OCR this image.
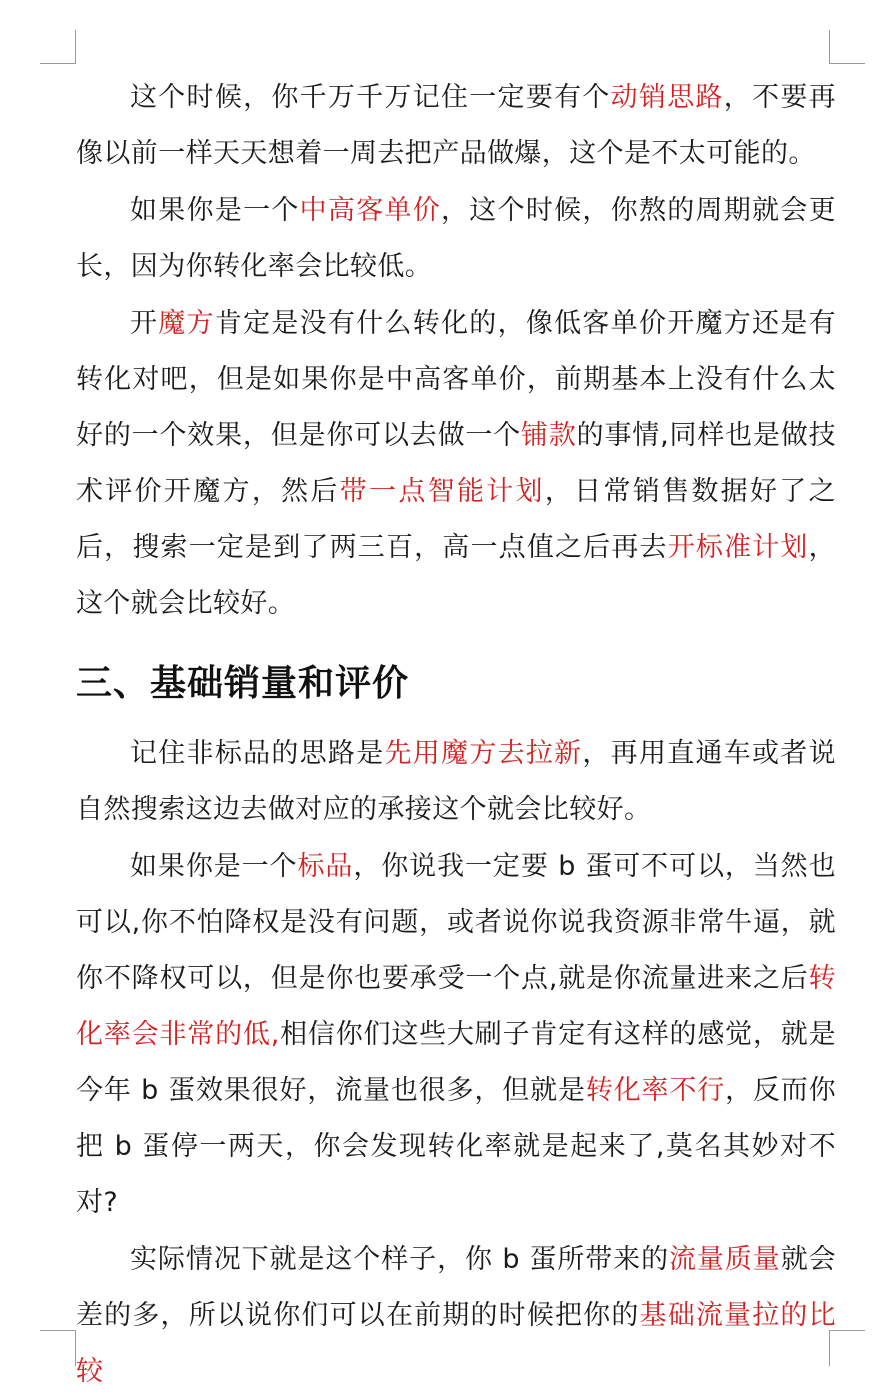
这个时候，你千万千万记住一定要有个动销思路，不要再像以前一样天天想着一周去把产品做爆，这个是不太可能的。

如果你是一个中高客单价，这个时候，你熬的周期就会更长，因为你转化率会比较低。

开魔方肯定是没有什么转化的，像低客单价开魔方还是有转化对吧，但是如果你是中高客单价，前期基本上没有什么太好的一个效果，但是你可以去做一个铺款的事情,同样也是做技术评价开魔方，然后带一点智能计划，日常销售数据好了之后，搜索一定是到了两三百，高一点值之后再去开标准计划，这个就会比较好。

三、基础销量和评价

记住非标品的思路是先用魔方去拉新，再用直通车或者说自然搜索这边去做对应的承接这个就会比较好。

如果你是一个标品，你说我一定要 b 蛋可不可以，当然也可以,你不怕降权是没有问题，或者说你说我资源非常牛逼，就你不降权可以，但是你也要承受一个点,就是你流量进来之后转化率会非常的低,相信你们这些大刷子肯定有这样的感觉，就是今年 b 蛋效果很好，流量也很多，但就是转化率不行，反而你把 b 蛋停一两天，你会发现转化率就是起来了,莫名其妙对不对?

实际情况下就是这个样子，你 b 蛋所带来的流量质量就会差的多，所以说你们可以在前期的时候把你的基础流量拉的比较
